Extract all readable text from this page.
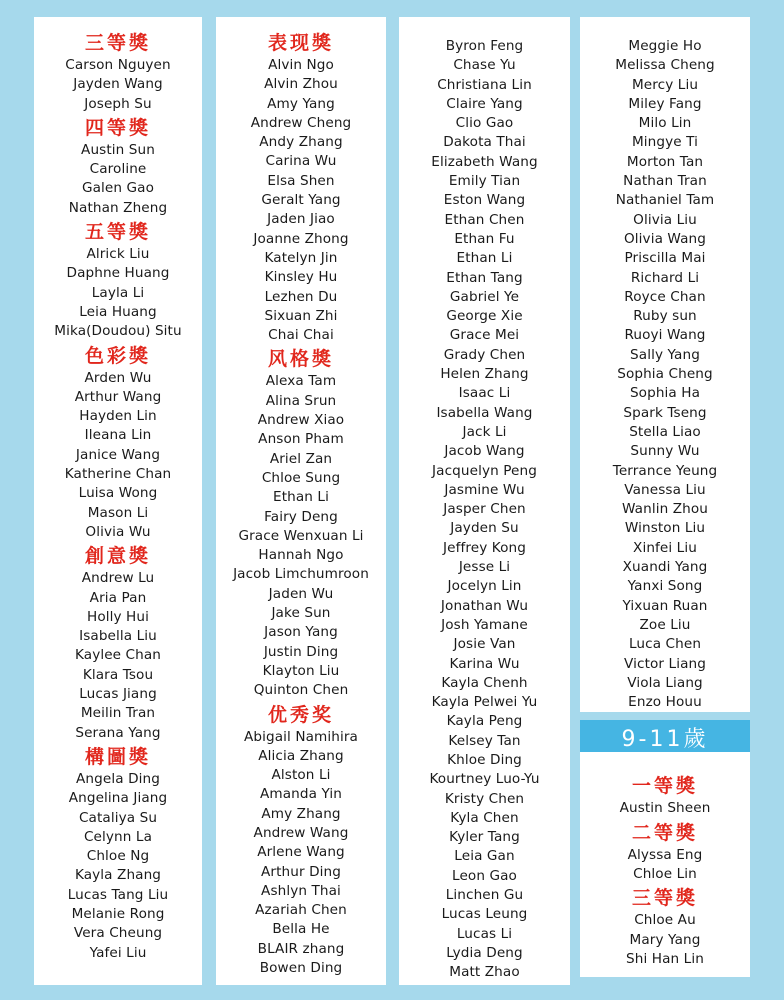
三等獎
Carson Nguyen
Jayden Wang
Joseph Su
四等獎
Austin Sun
Caroline
Galen Gao
Nathan Zheng
五等獎
Alrick Liu
Daphne Huang
Layla Li
Leia Huang
Mika(Doudou) Situ
色彩獎
Arden Wu
Arthur Wang
Hayden Lin
Ileana Lin
Janice Wang
Katherine Chan
Luisa Wong
Mason Li
Olivia Wu
創意獎
Andrew Lu
Aria Pan
Holly Hui
Isabella Liu
Kaylee Chan
Klara Tsou
Lucas Jiang
Meilin Tran
Serana Yang
構圖獎
Angela Ding
Angelina Jiang
Cataliya Su
Celynn La
Chloe Ng
Kayla Zhang
Lucas Tang Liu
Melanie Rong
Vera Cheung
Yafei Liu
表现獎
Alvin Ngo
Alvin Zhou
Amy Yang
Andrew Cheng
Andy Zhang
Carina Wu
Elsa Shen
Geralt Yang
Jaden Jiao
Joanne Zhong
Katelyn Jin
Kinsley Hu
Lezhen Du
Sixuan Zhi
Chai Chai
风格獎
Alexa Tam
Alina Srun
Andrew Xiao
Anson Pham
Ariel Zan
Chloe Sung
Ethan Li
Fairy Deng
Grace Wenxuan Li
Hannah Ngo
Jacob Limchumroon
Jaden Wu
Jake Sun
Jason Yang
Justin Ding
Klayton Liu
Quinton Chen
优秀奖
Abigail Namihira
Alicia Zhang
Alston Li
Amanda Yin
Amy Zhang
Andrew Wang
Arlene Wang
Arthur Ding
Ashlyn Thai
Azariah Chen
Bella He
BLAIR zhang
Bowen Ding
Byron Feng
Chase Yu
Christiana Lin
Claire Yang
Clio Gao
Dakota Thai
Elizabeth Wang
Emily Tian
Eston Wang
Ethan Chen
Ethan Fu
Ethan Li
Ethan Tang
Gabriel Ye
George Xie
Grace Mei
Grady Chen
Helen Zhang
Isaac Li
Isabella Wang
Jack Li
Jacob Wang
Jacquelyn Peng
Jasmine Wu
Jasper Chen
Jayden Su
Jeffrey Kong
Jesse Li
Jocelyn Lin
Jonathan Wu
Josh Yamane
Josie Van
Karina Wu
Kayla Chenh
Kayla Pelwei Yu
Kayla Peng
Kelsey Tan
Khloe Ding
Kourtney Luo-Yu
Kristy Chen
Kyla Chen
Kyler Tang
Leia Gan
Leon Gao
Linchen Gu
Lucas Leung
Lucas Li
Lydia Deng
Matt Zhao
Meggie Ho
Melissa Cheng
Mercy Liu
Miley Fang
Milo Lin
Mingye Ti
Morton Tan
Nathan Tran
Nathaniel Tam
Olivia Liu
Olivia Wang
Priscilla Mai
Richard Li
Royce Chan
Ruby sun
Ruoyi Wang
Sally Yang
Sophia Cheng
Sophia Ha
Spark Tseng
Stella Liao
Sunny Wu
Terrance Yeung
Vanessa Liu
Wanlin Zhou
Winston Liu
Xinfei Liu
Xuandi Yang
Yanxi Song
Yixuan Ruan
Zoe Liu
Luca Chen
Victor Liang
Viola Liang
Enzo Houu
9-11歲
一等獎
Austin Sheen
二等獎
Alyssa Eng
Chloe Lin
三等獎
Chloe Au
Mary Yang
Shi Han Lin
